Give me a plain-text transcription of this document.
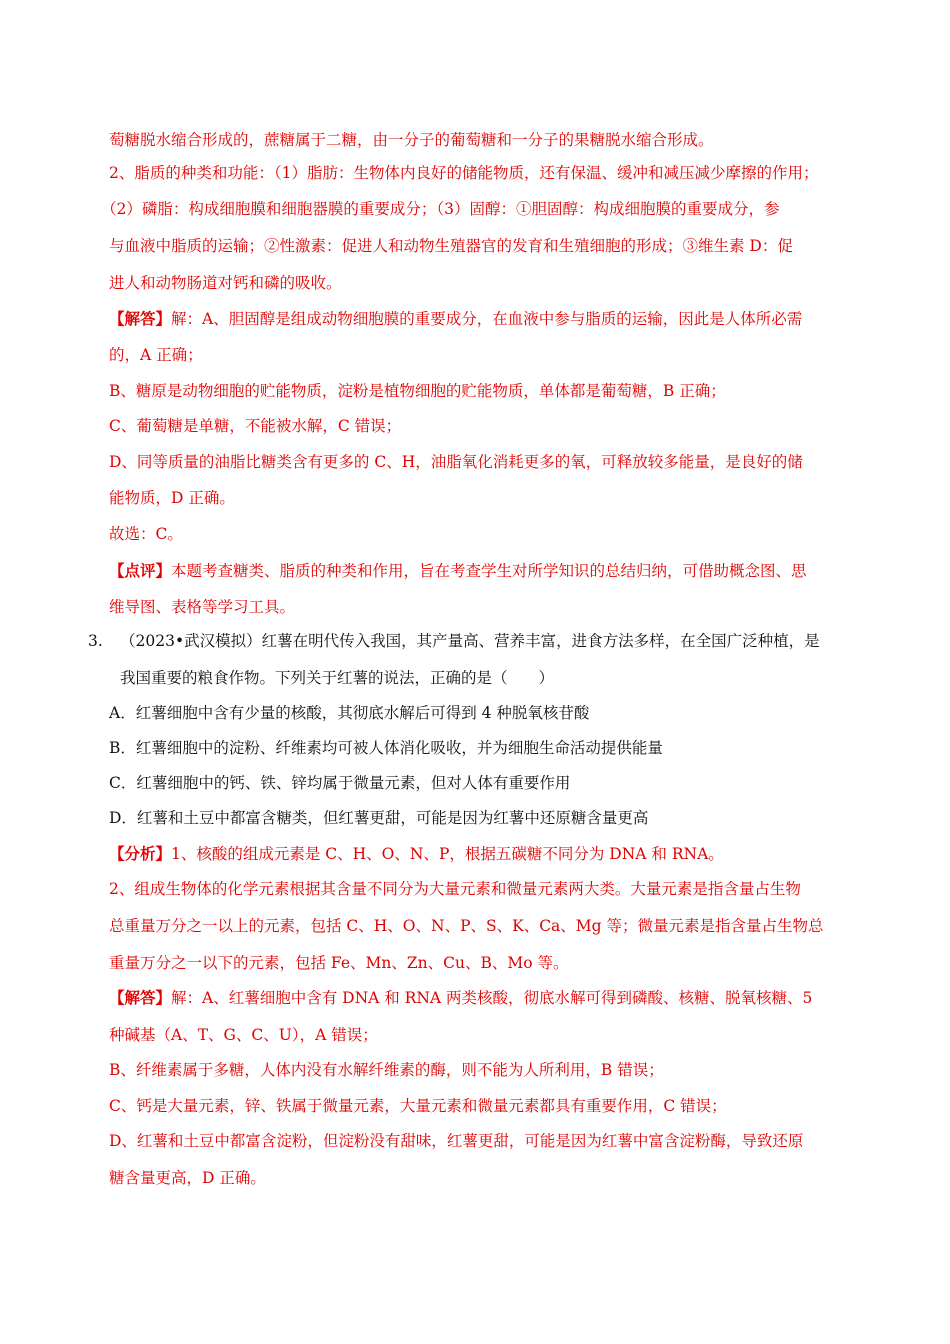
萄糖脱水缩合形成的，蔗糖属于二糖，由一分子的葡萄糖和一分子的果糖脱水缩合形成。
2、脂质的种类和功能：（1）脂肪：生物体内良好的储能物质，还有保温、缓冲和减压减少摩擦的作用；
（2）磷脂：构成细胞膜和细胞器膜的重要成分；（3）固醇：①胆固醇：构成细胞膜的重要成分，参
与血液中脂质的运输；②性激素：促进人和动物生殖器官的发育和生殖细胞的形成；③维生素 D：促
进人和动物肠道对钙和磷的吸收。
【解答】解：A、胆固醇是组成动物细胞膜的重要成分，在血液中参与脂质的运输，因此是人体所必需
的，A 正确；
B、糖原是动物细胞的贮能物质，淀粉是植物细胞的贮能物质，单体都是葡萄糖，B 正确；
C、葡萄糖是单糖，不能被水解，C 错误；
D、同等质量的油脂比糖类含有更多的 C、H，油脂氧化消耗更多的氧，可释放较多能量，是良好的储
能物质，D 正确。
故选：C。
【点评】本题考查糖类、脂质的种类和作用，旨在考查学生对所学知识的总结归纳，可借助概念图、思
维导图、表格等学习工具。
3. （2023•武汉模拟）红薯在明代传入我国，其产量高、营养丰富，进食方法多样，在全国广泛种植，是
我国重要的粮食作物。下列关于红薯的说法，正确的是（　　）
A．红薯细胞中含有少量的核酸，其彻底水解后可得到 4 种脱氧核苷酸
B．红薯细胞中的淀粉、纤维素均可被人体消化吸收，并为细胞生命活动提供能量
C．红薯细胞中的钙、铁、锌均属于微量元素，但对人体有重要作用
D．红薯和土豆中都富含糖类，但红薯更甜，可能是因为红薯中还原糖含量更高
【分析】1、核酸的组成元素是 C、H、O、N、P，根据五碳糖不同分为 DNA 和 RNA。
2、组成生物体的化学元素根据其含量不同分为大量元素和微量元素两大类。大量元素是指含量占生物
总重量万分之一以上的元素，包括 C、H、O、N、P、S、K、Ca、Mg 等；微量元素是指含量占生物总
重量万分之一以下的元素，包括 Fe、Mn、Zn、Cu、B、Mo 等。
【解答】解：A、红薯细胞中含有 DNA 和 RNA 两类核酸，彻底水解可得到磷酸、核糖、脱氧核糖、5
种碱基（A、T、G、C、U），A 错误；
B、纤维素属于多糖，人体内没有水解纤维素的酶，则不能为人所利用，B 错误；
C、钙是大量元素，锌、铁属于微量元素，大量元素和微量元素都具有重要作用，C 错误；
D、红薯和土豆中都富含淀粉，但淀粉没有甜味，红薯更甜，可能是因为红薯中富含淀粉酶，导致还原
糖含量更高，D 正确。
